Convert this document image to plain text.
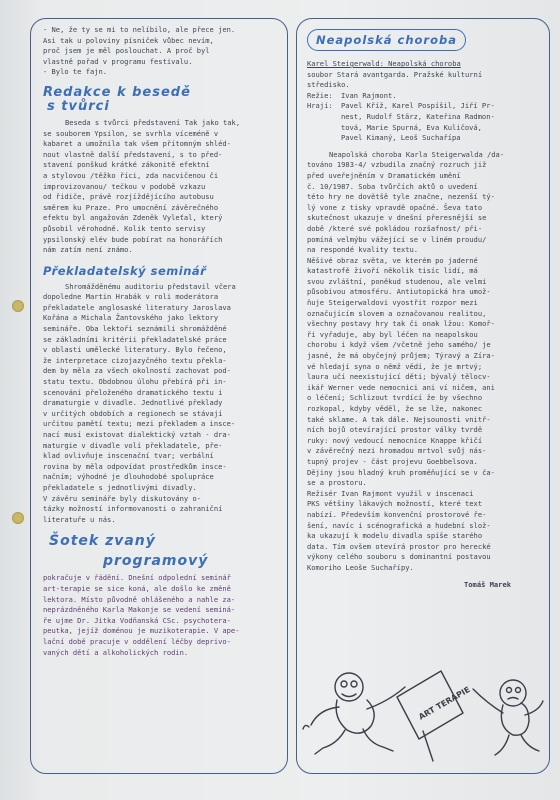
- Ne, že ty se mi to nelíbilo, ale přece jen.

Asi tak u poloviny písniček vůbec nevím,

proč jsem je měl poslouchat. A proč byl

vlastně pořad v programu festivalu.

- Bylo te fajn.

Redakce k besedě
s tvůrci

Beseda s tvůrci představení Tak jako tak,
se souborem Ypsilon, se svrhla víceméně v
kabaret a umožnila tak všem přítomným shléd-
nout vlastně další představení, s to před-
stavení ponškud krátké zákonitě efektní
a stylovou /těžko říci, zda nacvičenou či
improvizovanou/ tečkou v podobě vzkazu
od řidiče, právě rozjíždějícího autobusu
směrem ku Praze. Pro umocnění závěrečného
efektu byl angažován Zdeněk Vyleťal, který
působil věrohodně. Kolik tento servisy
ypsilonský elév bude pobírat na honorářích
nám zatím není známo.

Překladatelský seminář

Shromážděnému auditoriu představil včera
dopoledne Martin Hrabák v roli moderátora
překladatele anglosaské literatury Jaroslava
Kořána a Michala Žantovského jako lektory
semináře. Oba lektoři seznámili shromážděné
se základními kritérii překladatelské práce
v oblasti umělecké literatury. Bylo řečeno,
že interpretace cizojazyčného textu překla-
dem by měla za všech okolností zachovat pod-
statu textu. Obdobnou úlohu přebírá při in-
scenování přeloženého dramatického textu i
dramaturgie v divadle. Jednotlivé překlady
v určitých obdobích a regionech se stávají
určitou pamětí textu; mezi překladem a insce-
nací musí existovat dialektický vztah - dra-
maturgie v divadle volí překladatele, pře-
klad ovlivňuje inscenační tvar; verbální
rovina by měla odpovídat prostředkům insce-
načním; výhodné je dlouhodobé spolupráce
překladatele s jednotlivými divadly.
V závěru semináře byly diskutovány o-
tázky možností informovanosti o zahraniční
literatuře u nás.

Šotek zvaný
programový

pokračuje v řádění. Dnešní odpolední seminář
art-terapie se sice koná, ale došlo ke změně
lektora. Místo původně ohlášeného a nahle za-
neprázdněného Karla Makonje se vedení seminá-
ře ujme Dr. Jitka Vodňanská CSc. psychotera-
peutka, jejíž doménou je muzikoterapie. V ape-
lační době pracuje v oddělení léčby deprivo-
vaných dětí a alkoholických rodin.

Neapolská choroba

Karel Steigerwald: Neapolská choroba

soubor Stará avantgarda. Pražské kulturní
středisko.

Režie:	Ivan Rajmont.
Hrají:	Pavel Kříž, Karel Pospíšil, Jiří Pr-
nest, Rudolf Stärz, Kateřina Radmon-
tová, Marie Spurná, Eva Kuličová,
Pavel Kimaný, Leoš Suchařípa

Neapolská choroba Karla Steigerwalda /da-
továno 1983-4/ vzbudila značný rozruch již
před uveřejněním v Dramatickém umění
č. 10/1987. Soba tvůrčích aktů o uvedení
této hry ne dovětšě tyle značne, nezenší tý-
lý vone z tisky vpravdě opačné. Ševa tato
skutečnost ukazuje v dnešní přeresnější se
době /které své pokládou rozšafnost/ při-
pomíná velmýbu vážející se v líném proudu/
na respondé kvality textu.
Něšivé obraz světa, ve kterém po jaderné
katastrofě živoří několik tisíc lidí, má
svou zvláštní, poněkud studenou, ale velmi
působivou atmosféru. Antiutopická hra umož-
ňuje Steigerwaldovi vyostřit rozpor mezi
označujícím slovem a označovanou realitou,
všechny postavy hry tak či onak lžou: Komoř-
ři vyřaduje, aby byl léčen na neapolskou
chorobu i když všem /včetně jeho samého/ je
jasné, že má obyčejný průjem; Týravý a Zíra-
vé hledají syna o němž vědí, že je mrtvý;
laura učí neexistující děti; bývalý tělocv-
ikář Werner vede nemocnici ani ví ničem, ani
o léčení; Schlizout tvrdící že by všechno
rozkopal, kdyby věděl, že se lže, nakonec
také sklame. A tak dále. Nejsounosti vnitř-
ních bojů otevírající prostor války tvrdě
ruky: nový vedoucí nemocnice Knappe křičí
v závěrečný nezi hromadou mrtvol svůj nás-
tupný projev - část projevu Goebbelsova.
Dějiny jsou hladný kruh proměňující se v ča-
se a prostoru.
Režisér Ivan Rajmont využil v inscenaci
PKS většiny lákavých možností, které text
nabízí. Především konvenční prostorové ře-
šení, navíc i scénografická a hudební slož-
ka ukazují k modelu divadla spíše starého
data. Tím ovšem otevírá prostor pro herecké
výkony celého souboru s dominantní postavou
Komoriho Leoše Suchařípy.

Tomáš Marek
ART TERAPIE
